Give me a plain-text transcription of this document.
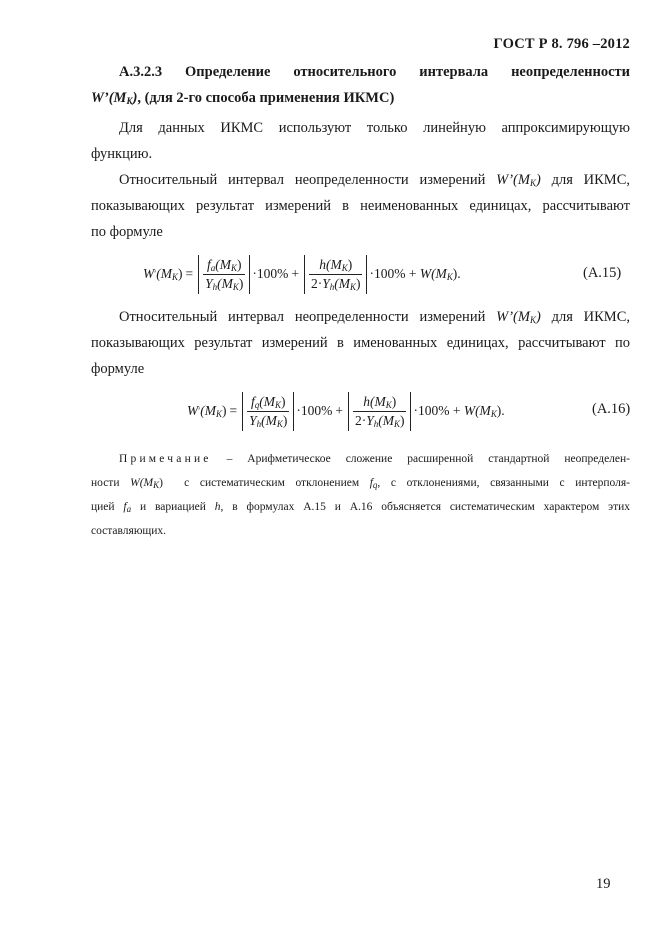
ГОСТ Р 8. 796 –2012
А.3.2.3 Определение относительного интервала неопределенности
$W’(M_К)$, (для 2-го способа применения ИКМС)
Для данных ИКМС используют только линейную аппроксимирующую
функцию.
Относительный интервал неопределенности измерений $W’(M_К)$ для ИКМС,
показывающих результат измерений в неименованных единицах, рассчитывают
по формуле
W ′ ($M_К$ ) = $\frac{f_a(M_К)}{Y_h(M_К)} \cdot 100\% + \frac{h(M_К)}{2\cdot Y_h(M_К)} \cdot 100\%$ +
W ($M_К$ ).	(А.15)
Относительный интервал неопределенности измерений $W’(M_К)$ для ИКМС,
показывающих результат измерений в именованных единицах, рассчитывают по
формуле
W ′ ($M_К$ ) = $\frac{f_q(M_К)}{Y_h(M_К)} \cdot 100\% + \frac{h(M_К)}{2\cdot Y_h(M_К)} \cdot 100\%$ +
W ($M_К$ ).	(А.16)
Примечание – Арифметическое сложение расширенной стандартной неопределен-
ности $W(M_К)$ с систематическим отклонением $f_q$, с отклонениями, связанными с интерполя-
цией $f_a$ и вариацией h, в формулах А.15 и А.16 объясняется систематическим характером этих
составляющих.
19
